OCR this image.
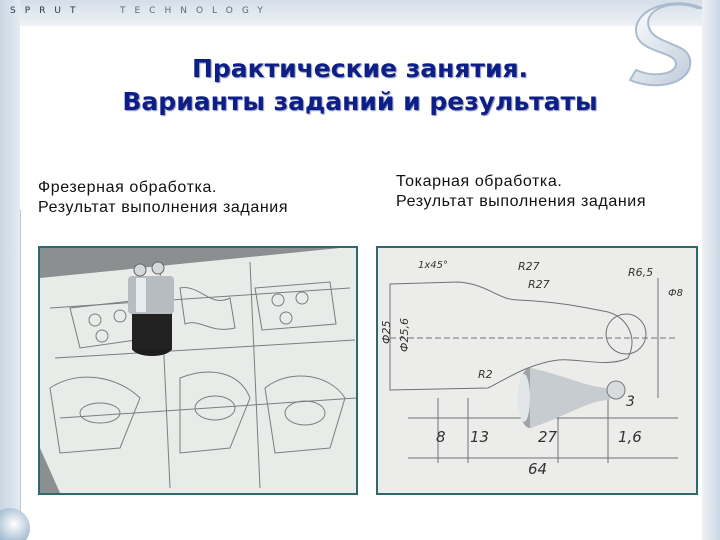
SPRUT	TECHNOLOGY
Практические занятия.
Варианты заданий и результаты
Фрезерная обработка.
Результат выполнения задания
Токарная обработка.
Результат выполнения задания
1x45°	R27
R27
R6,5
Ф8
Ф25 Ф25,6
R2
3
8 13	27	1,6
64
